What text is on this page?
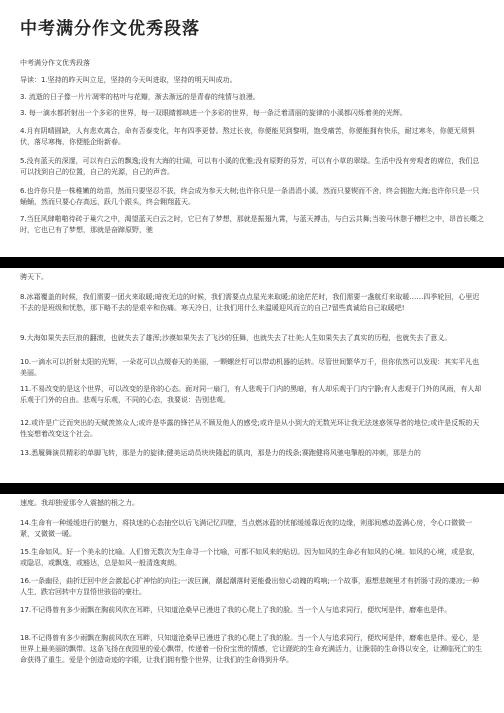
中考满分作文优秀段落

中考满分作文优秀段落

导读：1.坚持的昨天叫立足，坚持的今天叫进取，坚持的明天叫成功。

3. 流逝的日子像一片片凋零的枯叶与花瓣，渐去渐远的是青春的纯情与浪漫。

3. 每一滴水都折射出一个多彩的世界，每一双眼睛都映进一个多彩的世界，每一条泛着清丽的旋律的小溪都闪烁着美的光辉。

4.月有阴晴圆缺，人有悲欢离合，命有否泰变化，年有四季更替。熬过长夜，你便能见到黎明，饱受痛苦，你便能拥有快乐，耐过寒冬，你便无须惧伏，落尽寒梅，你便能企盼新春。

5.没有蓝天的深邃，可以有白云的飘逸;没有大海的壮阔，可以有小溪的优雅;没有原野的芬芳，可以有小草的翠绿。生活中没有旁观者的席位，我们总可以找到自己的位置，自己的光源，自己的声音。

6.也许你只是一株稚嫩的幼苗，然而只要坚忍不拔，终会成为参天大树;也许你只是一条涓涓小溪，然而只要锲而不舍，终会拥抱大海;也许你只是一只蛹蛹，然而只要心存高远，跃几个跟头，终会翱翔蓝天。

7.当狂风肆啪啪待砖于巢穴之中，渴望蓝天白云之时，它已有了梦想，那就是振翅九霄，与蓝天搏击，与白云共舞;当骏马休憩于槽栏之中，昂首长嘶之时，它也已有了梦想，那就是奋蹄原野，驰

骋天下。

8.冰霜覆盖的时候，我们需要一团火来取暖;暗夜无边的时候，我们需要点点星光来取暖;前途茫茫时，我们需要一盏航灯来取暖……四季轮回，心里迟不去的是班级和忧愁，那下略不去的是艰辛和伤痛。寒天冷日，让我们用什么来温暖迎风而立的自己?留些真诚给自己取暖吧!

9.大海如果失去巨浪的翻滚，也就失去了雄浑;沙漠如果失去了飞沙的狂舞，也就失去了壮美;人生如果失去了真实的历程，也就失去了意义。

10.一滴水可以折射太阳的光辉，一朵花可以点缀春天的美丽，一颗螺丝钉可以带动机器的运转。尽管世间繁华万千，但你依然可以发现：其实平凡也美丽。

11.不易改变的是这个世界，可以改变的是你的心态。面对同一扇门，有人悲观于门内的黑暗，有人却乐观于门内宁静;有人悲观于门外的风雨，有人却乐观于门外的自由。悲观与乐观，不同的心态，我要说：告别悲观。

12.或许是广泛而突出的天赋羡煞众人;或许是毕露的锋芒从不顾及他人的感受;或许是从小到大的无数光环让我无法迷惑领导者的地位;或许是反叛的天性妄想着改变这个社会。

13.悉履舞演员精彩的单脚飞转，那是力的旋律;健美运动员块块隆起的肌肉，那是力的线条;赛跑健将风驰电掣般的冲刺，那是力的

速度。我却独爱那令人震撼的根之力。

14.生命有一种缓缓进行的魅力，将执迷的心态抽空以后飞满记忆四壁，当点燃冰蓝的忧郁缓缓靠近夜的边缘，则那间感动盈满心房，令心口微微一紧，又微微一暖。

15.生命如风。好一个美永的比喻。人们曾无数次为生命寻一个比喻，可都不如风来的贴切。因为如风的生命必有如风的心境。如风的心境，或是寂，或隐忍，或飘逸，或豁达，总是如风一般清逸爽朗。

16.一条幽径，曲折迂回中丝会激起心扩神怡的向往;一波巨澜，潮起潮落时更能叠出惊心动魄的鸣响;一个故事，遐想悲婉里才有折肠寸段的凄凉;一种人生，跌宕回转中方显悟世骇俗的豪壮。

17.不记得曾有多少雨飘在胸前风吹在耳畔，只知道沧桑早已漫进了我的心爬上了我的脸。当一个人与追求同行，便坎坷是伴，磨难也是伴。

18.不记得曾有多少雨飘在胸前风吹在耳畔，只知道沧桑早已漫进了我的心爬上了我的脸。当一个人与追求同行，便坎坷是伴，磨难也是伴。爱心，是世界上最美丽的飘带。这条飞扬在夜园里的爱心飘带，传递着一份份宝贵的情感，它让蹉跎的生命充满活力，让脆弱的生命得以安全，让濒临死亡的生命获得了重生。爱是个创造奇迹的字眼，让我们拥有整个世界，让我们的生命得到升华。
